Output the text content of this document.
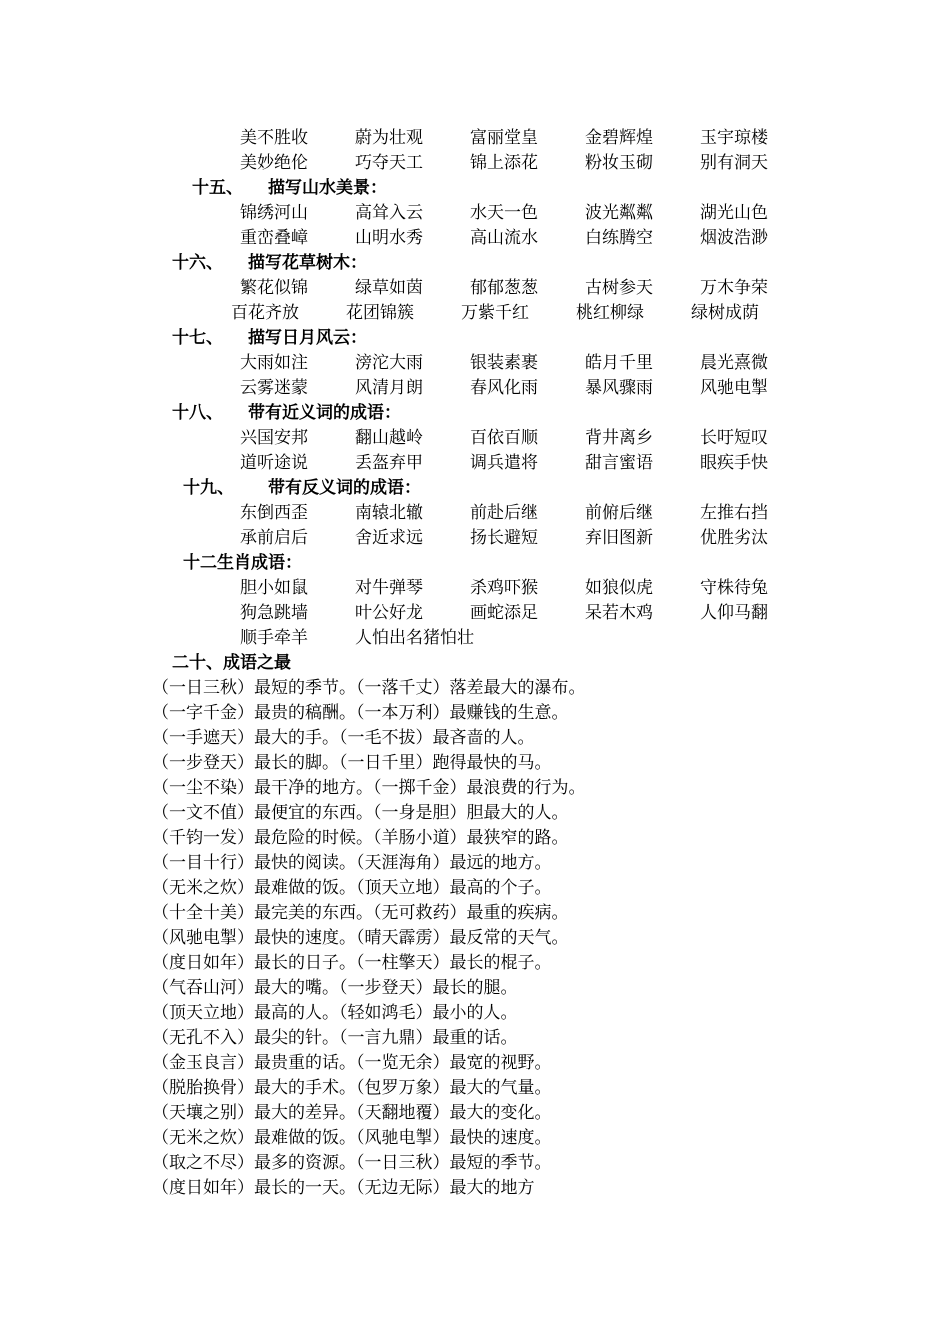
美不胜收	蔚为壮观	富丽堂皇	金碧辉煌	玉宇琼楼
美妙绝伦	巧夺天工	锦上添花	粉妆玉砌	别有洞天
十五、 描写山水美景：
锦绣河山	高耸入云	水天一色	波光粼粼	湖光山色
重峦叠嶂	山明水秀	高山流水	白练腾空	烟波浩渺
十六、 描写花草树木：
繁花似锦	绿草如茵	郁郁葱葱	古树参天	万木争荣
百花齐放	花团锦簇	万紫千红	桃红柳绿	绿树成荫
十七、 描写日月风云：
大雨如注	滂沱大雨	银装素裹	皓月千里	晨光熹微
云雾迷蒙	风清月朗	春风化雨	暴风骤雨	风驰电掣
十八、 带有近义词的成语：
兴国安邦	翻山越岭	百依百顺	背井离乡	长吁短叹
道听途说	丢盔弃甲	调兵遣将	甜言蜜语	眼疾手快
十九、 带有反义词的成语：
东倒西歪	南辕北辙	前赴后继	前俯后继	左推右挡
承前启后	舍近求远	扬长避短	弃旧图新	优胜劣汰
十二生肖成语：
胆小如鼠	对牛弹琴	杀鸡吓猴	如狼似虎	守株待兔
狗急跳墙	叶公好龙	画蛇添足	呆若木鸡	人仰马翻
顺手牵羊	人怕出名猪怕壮
二十、成语之最
（一日三秋）最短的季节。（一落千丈）落差最大的瀑布。
（一字千金）最贵的稿酬。（一本万利）最赚钱的生意。
（一手遮天）最大的手。（一毛不拔）最吝啬的人。
（一步登天）最长的脚。（一日千里）跑得最快的马。
（一尘不染）最干净的地方。（一掷千金）最浪费的行为。
（一文不值）最便宜的东西。（一身是胆）胆最大的人。
（千钧一发）最危险的时候。（羊肠小道）最狭窄的路。
（一目十行）最快的阅读。（天涯海角）最远的地方。
（无米之炊）最难做的饭。（顶天立地）最高的个子。
（十全十美）最完美的东西。（无可救药）最重的疾病。
（风驰电掣）最快的速度。（晴天霹雳）最反常的天气。
（度日如年）最长的日子。（一柱擎天）最长的棍子。
（气吞山河）最大的嘴。（一步登天）最长的腿。
（顶天立地）最高的人。（轻如鸿毛）最小的人。
（无孔不入）最尖的针。（一言九鼎）最重的话。
（金玉良言）最贵重的话。（一览无余）最宽的视野。
（脱胎换骨）最大的手术。（包罗万象）最大的气量。
（天壤之别）最大的差异。（天翻地覆）最大的变化。
（无米之炊）最难做的饭。（风驰电掣）最快的速度。
（取之不尽）最多的资源。（一日三秋）最短的季节。
（度日如年）最长的一天。（无边无际）最大的地方
